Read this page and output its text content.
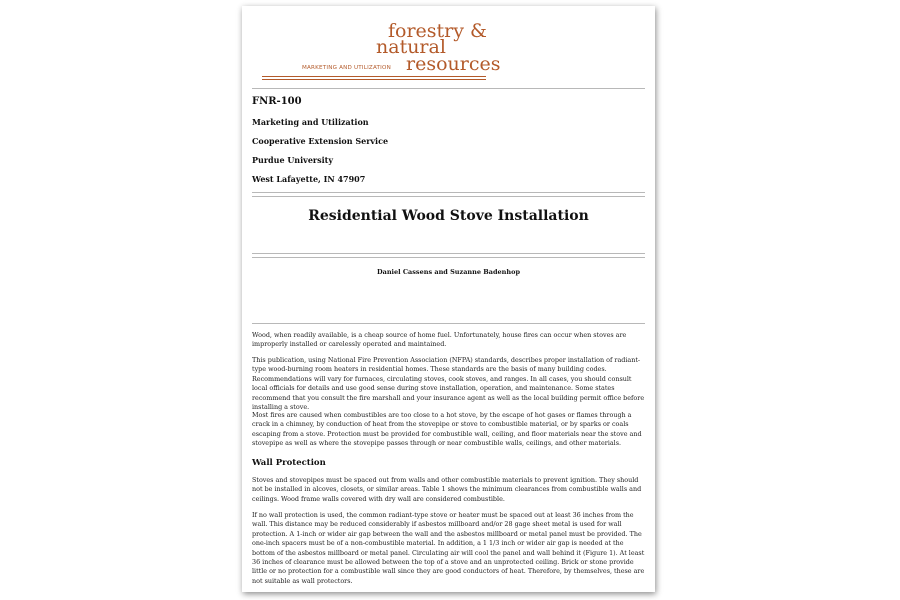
forestry &
natural
MARKETING AND UTILIZATION resources
FNR-100
Marketing and Utilization
Cooperative Extension Service
Purdue University
West Lafayette, IN 47907
Residential Wood Stove Installation
Daniel Cassens and Suzanne Badenhop

Wood, when readily available, is a cheap source of home fuel. Unfortunately, house fires can occur when stoves are improperly installed or carelessly operated and maintained.

This publication, using National Fire Prevention Association (NFPA) standards, describes proper installation of radiant-type wood-burning room heaters in residential homes. These standards are the basis of many building codes. Recommendations will vary for furnaces, circulating stoves, cook stoves, and ranges. In all cases, you should consult local officials for details and use good sense during stove installation, operation, and maintenance. Some states recommend that you consult the fire marshall and your insurance agent as well as the local building permit office before installing a stove.

Most fires are caused when combustibles are too close to a hot stove, by the escape of hot gases or flames through a crack in a chimney, by conduction of heat from the stovepipe or stove to combustible material, or by sparks or coals escaping from a stove. Protection must be provided for combustible wall, ceiling, and floor materials near the stove and stovepipe as well as where the stovepipe passes through or near combustible walls, ceilings, and other materials.

Wall Protection

Stoves and stovepipes must be spaced out from walls and other combustible materials to prevent ignition. They should not be installed in alcoves, closets, or similar areas. Table 1 shows the minimum clearances from combustible walls and ceilings. Wood frame walls covered with dry wall are considered combustible.

If no wall protection is used, the common radiant-type stove or heater must be spaced out at least 36 inches from the wall. This distance may be reduced considerably if asbestos millboard and/or 28 gage sheet metal is used for wall protection. A 1-inch or wider air gap between the wall and the asbestos millboard or metal panel must be provided. The one-inch spacers must be of a non-combustible material. In addition, a 1 1/3 inch or wider air gap is needed at the bottom of the asbestos millboard or metal panel. Circulating air will cool the panel and wall behind it (Figure 1). At least 36 inches of clearance must be allowed between the top of a stove and an unprotected ceiling. Brick or stone provide little or no protection for a combustible wall since they are good conductors of heat. Therefore, by themselves, these are not suitable as wall protectors.
